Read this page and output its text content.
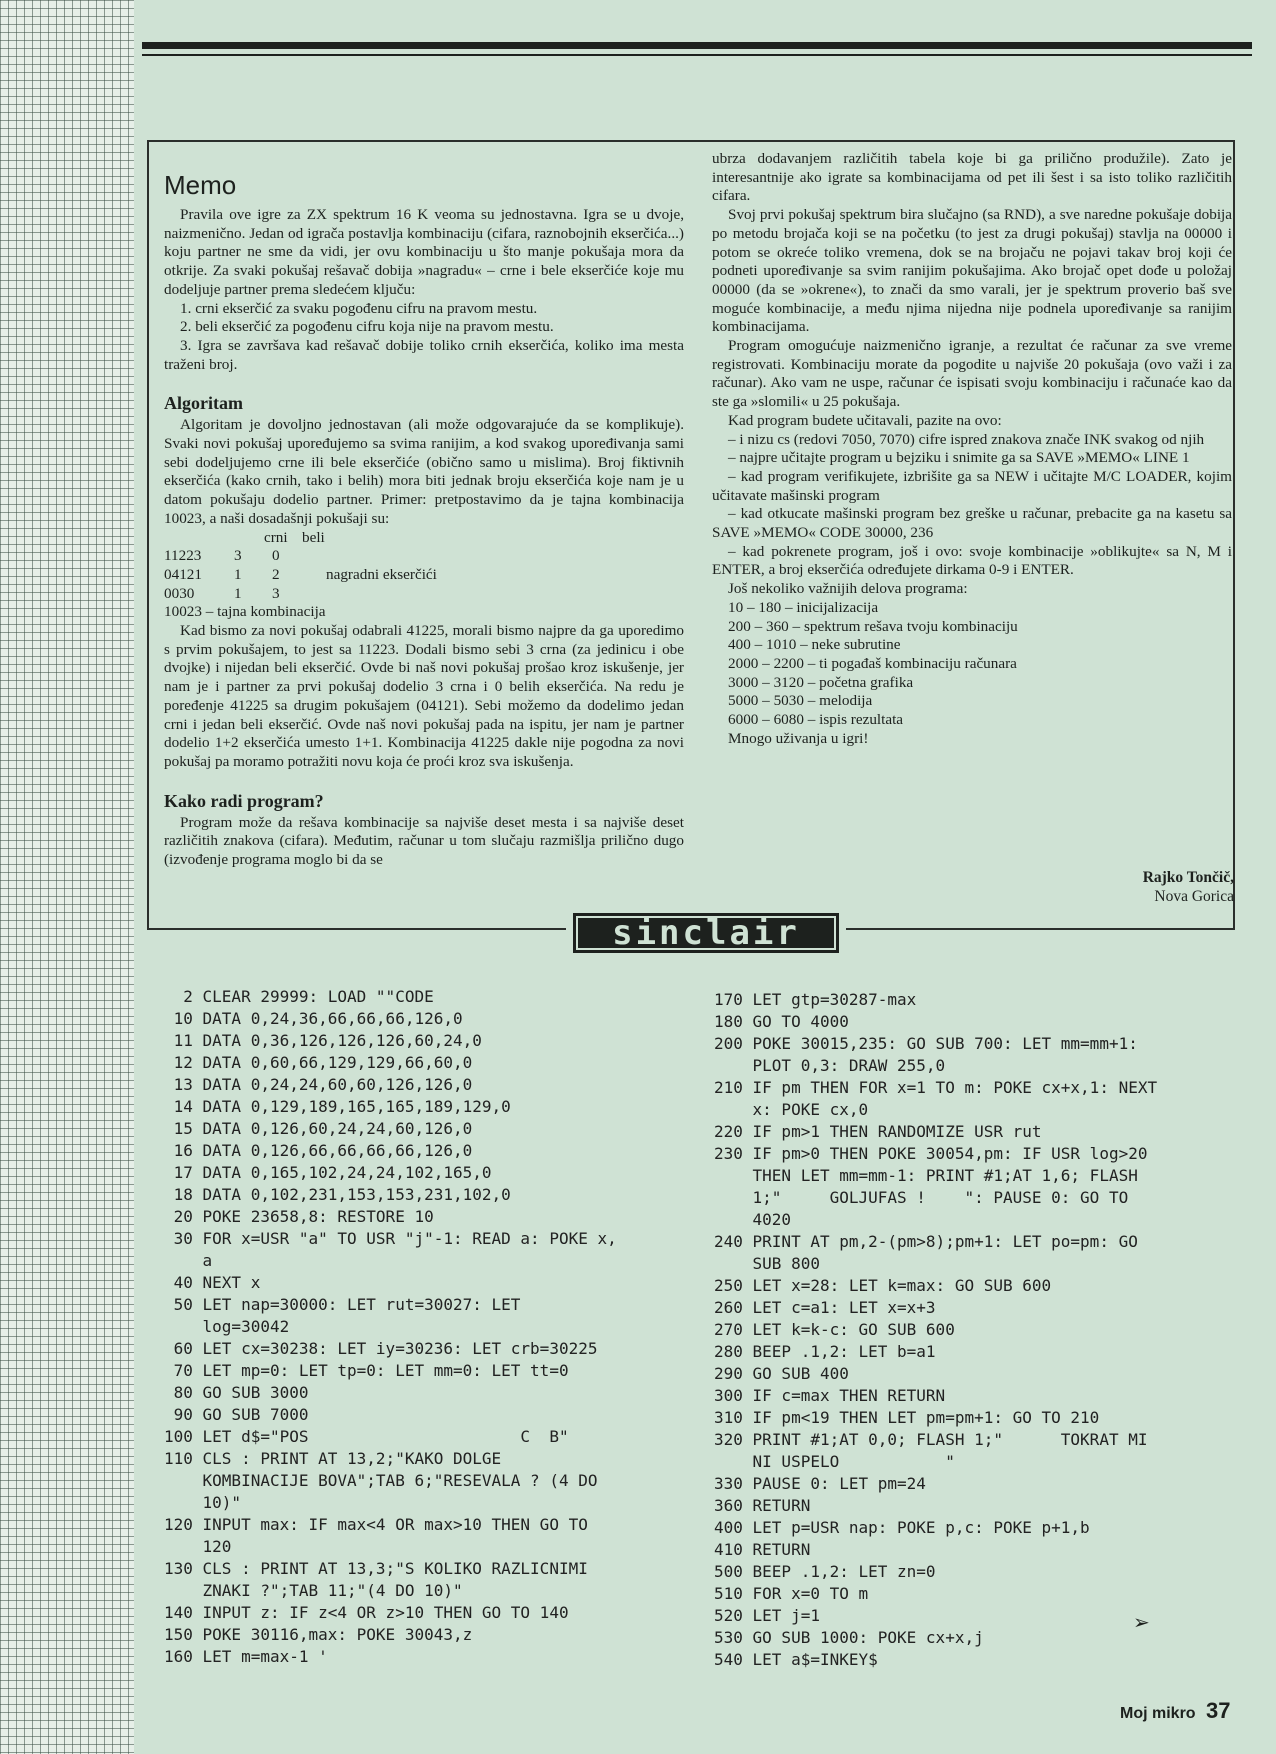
Memo

Pravila ove igre za ZX spektrum 16 K veoma su jednostavna. Igra se u dvoje, naizmenično. Jedan od igrača postavlja kombinaciju (cifara, raznobojnih ekserčića...) koju partner ne sme da vidi, jer ovu kombinaciju u što manje pokušaja mora da otkrije. Za svaki pokušaj rešavač dobija »nagradu« – crne i bele ekserčiće koje mu dodeljuje partner prema sledećem ključu:

1. crni ekserčić za svaku pogođenu cifru na pravom mestu.

2. beli ekserčić za pogođenu cifru koja nije na pravom mestu.

3. Igra se završava kad rešavač dobije toliko crnih ekserčića, koliko ima mesta traženi broj.

Algoritam

Algoritam je dovoljno jednostavan (ali može odgovarajuće da se komplikuje). Svaki novi pokušaj upoređujemo sa svima ranijim, a kod svakog upoređivanja sami sebi dodeljujemo crne ili bele ekserčiće (obično samo u mislima). Broj fiktivnih ekserčića (kako crnih, tako i belih) mora biti jednak broju ekserčića koje nam je u datom pokušaju dodelio partner. Primer: pretpostavimo da je tajna kombinacija 10023, a naši dosadašnji pokušaji su:

crni beli
11223	3	0
04121	1	2	nagradni ekserčići
0030	1	3

10023 – tajna kombinacija

Kad bismo za novi pokušaj odabrali 41225, morali bismo najpre da ga uporedimo s prvim pokušajem, to jest sa 11223. Dodali bismo sebi 3 crna (za jedinicu i obe dvojke) i nijedan beli ekserčić. Ovde bi naš novi pokušaj prošao kroz iskušenje, jer nam je i partner za prvi pokušaj dodelio 3 crna i 0 belih ekserčića. Na redu je poređenje 41225 sa drugim pokušajem (04121). Sebi možemo da dodelimo jedan crni i jedan beli ekserčić. Ovde naš novi pokušaj pada na ispitu, jer nam je partner dodelio 1+2 ekserčića umesto 1+1. Kombinacija 41225 dakle nije pogodna za novi pokušaj pa moramo potražiti novu koja će proći kroz sva iskušenja.

Kako radi program?

Program može da rešava kombinacije sa najviše deset mesta i sa najviše deset različitih znakova (cifara). Međutim, računar u tom slučaju razmišlja prilično dugo (izvođenje programa moglo bi da se

ubrza dodavanjem različitih tabela koje bi ga prilično produžile). Zato je interesantnije ako igrate sa kombinacijama od pet ili šest i sa isto toliko različitih cifara.

Svoj prvi pokušaj spektrum bira slučajno (sa RND), a sve naredne pokušaje dobija po metodu brojača koji se na početku (to jest za drugi pokušaj) stavlja na 00000 i potom se okreće toliko vremena, dok se na brojaču ne pojavi takav broj koji će podneti upoređivanje sa svim ranijim pokušajima. Ako brojač opet dođe u položaj 00000 (da se »okrene«), to znači da smo varali, jer je spektrum proverio baš sve moguće kombinacije, a među njima nijedna nije podnela upoređivanje sa ranijim kombinacijama.

Program omogućuje naizmenično igranje, a rezultat će računar za sve vreme registrovati. Kombinaciju morate da pogodite u najviše 20 pokušaja (ovo važi i za računar). Ako vam ne uspe, računar će ispisati svoju kombinaciju i računaće kao da ste ga »slomili« u 25 pokušaja.

Kad program budete učitavali, pazite na ovo:

– i nizu cs (redovi 7050, 7070) cifre ispred znakova znače INK svakog od njih

– najpre učitajte program u bejziku i snimite ga sa SAVE »MEMO« LINE 1

– kad program verifikujete, izbrišite ga sa NEW i učitajte M/C LOADER, kojim učitavate mašinski program

– kad otkucate mašinski program bez greške u računar, prebacite ga na kasetu sa SAVE »MEMO« CODE 30000, 236

– kad pokrenete program, još i ovo: svoje kombinacije »oblikujte« sa N, M i ENTER, a broj ekserčića određujete dirkama 0-9 i ENTER.

Još nekoliko važnijih delova programa:

10 – 180 – inicijalizacija

200 – 360 – spektrum rešava tvoju kombinaciju

400 – 1010 – neke subrutine

2000 – 2200 – ti pogađaš kombinaciju računara

3000 – 3120 – početna grafika

5000 – 5030 – melodija

6000 – 6080 – ispis rezultata

Mnogo uživanja u igri!

Rajko Tončič,
Nova Gorica
sinclair
2 CLEAR 29999: LOAD ""CODE
10 DATA 0,24,36,66,66,66,126,0
11 DATA 0,36,126,126,126,60,24,0
12 DATA 0,60,66,129,129,66,60,0
13 DATA 0,24,24,60,60,126,126,0
14 DATA 0,129,189,165,165,189,129,0
15 DATA 0,126,60,24,24,60,126,0
16 DATA 0,126,66,66,66,66,126,0
17 DATA 0,165,102,24,24,102,165,0
18 DATA 0,102,231,153,153,231,102,0
20 POKE 23658,8: RESTORE 10
30 FOR x=USR "a" TO USR "j"-1: READ a: POKE x,
a
40 NEXT x
50 LET nap=30000: LET rut=30027: LET
log=30042
60 LET cx=30238: LET iy=30236: LET crb=30225
70 LET mp=0: LET tp=0: LET mm=0: LET tt=0
80 GO SUB 3000
90 GO SUB 7000
100 LET d$="POS                      C  B"
110 CLS : PRINT AT 13,2;"KAKO DOLGE
KOMBINACIJE BOVA";TAB 6;"RESEVALA ? (4 DO
10)"
120 INPUT max: IF max<4 OR max>10 THEN GO TO
120
130 CLS : PRINT AT 13,3;"S KOLIKO RAZLICNIMI
ZNAKI ?";TAB 11;"(4 DO 10)"
140 INPUT z: IF z<4 OR z>10 THEN GO TO 140
150 POKE 30116,max: POKE 30043,z
160 LET m=max-1 '
170 LET gtp=30287-max
180 GO TO 4000
200 POKE 30015,235: GO SUB 700: LET mm=mm+1:
PLOT 0,3: DRAW 255,0
210 IF pm THEN FOR x=1 TO m: POKE cx+x,1: NEXT
x: POKE cx,0
220 IF pm>1 THEN RANDOMIZE USR rut
230 IF pm>0 THEN POKE 30054,pm: IF USR log>20
THEN LET mm=mm-1: PRINT #1;AT 1,6; FLASH
1;"     GOLJUFAS !    ": PAUSE 0: GO TO
4020
240 PRINT AT pm,2-(pm>8);pm+1: LET po=pm: GO
SUB 800
250 LET x=28: LET k=max: GO SUB 600
260 LET c=a1: LET x=x+3
270 LET k=k-c: GO SUB 600
280 BEEP .1,2: LET b=a1
290 GO SUB 400
300 IF c=max THEN RETURN
310 IF pm<19 THEN LET pm=pm+1: GO TO 210
320 PRINT #1;AT 0,0; FLASH 1;"      TOKRAT MI
NI USPELO           "
330 PAUSE 0: LET pm=24
360 RETURN
400 LET p=USR nap: POKE p,c: POKE p+1,b
410 RETURN
500 BEEP .1,2: LET zn=0
510 FOR x=0 TO m
520 LET j=1
530 GO SUB 1000: POKE cx+x,j
540 LET a$=INKEY$
➢
Moj mikro 37
